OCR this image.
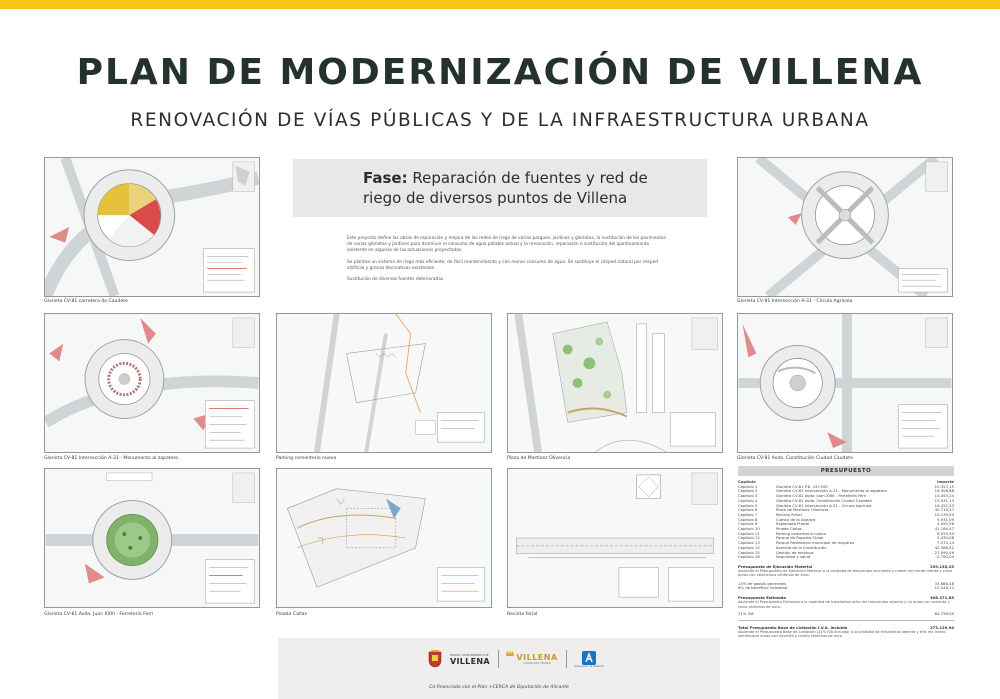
PLAN DE MODERNIZACIÓN DE VILLENA
RENOVACIÓN DE VÍAS PÚBLICAS Y DE LA INFRAESTRUCTURA URBANA
Glorieta CV-81 carretera de Caudete	Glorieta CV-81 Intersección A-31 - Círculo Agrícola
Glorieta CV-81 Intersección A-31 - Monumento al zapatero	Parking cementerio nuevo	Plaza de Martínez Olivencia	Glorieta CV-81 Avda. Constitución Ciudad Caudete
Glorieta CV-81 Avda. Juan XXIII - Ferretería Ferri	Pinada Cañas	Recinto ferial
Fase: Reparación de fuentes y red de
riego de diversos puntos de Villena

Este proyecto define las obras de reparación y mejora de las redes de riego de varios parques, jardines y glorietas, la sustitución de los pavimentos de varias glorietas y jardines para disminuir el consumo de agua potable actual y la renovación, reparación o sustitución del ajardinamiento existente en algunas de las actuaciones proyectadas.

Se plantea un sistema de riego más eficiente, de fácil mantenimiento y con menor consumo de agua. Se sustituye el césped natural por césped artificial y gravas decorativas existentes.

Sustitución de diversas fuentes deterioradas.

PRESUPUESTO
Capítulo	Importe
Capítulo 1	Glorieta CV-81 P.K. 43+200	10.323,15
Capítulo 2	Glorieta CV-81 Intersección A-31 - Monumento al zapatero	16.306,88
Capítulo 3	Glorieta CV-81 Avda. Juan XXIII - Ferretería Ferri	13.453,24
Capítulo 4	Glorieta CV-81 Avda. Constitución Ciudad Caudete	13.031,13
Capítulo 5	Glorieta CV-81 Intersección A-31 - Círculo Agrícola	16.422,53
Capítulo 6	Plaza de Martínez Olivencia	40.710,47
Capítulo 7	Recinto Ferial	19.239,54
Capítulo 8	Cuesta de la Atalaya	9.931,09
Capítulo 9	Explanada Puntal	4.050,56
Capítulo 10	Pinada Cañas	41.164,47
Capítulo 11	Parking cementerio nuevo	6.025,95
Capítulo 12	Parque de Ruperto Chapí	2.430,08
Capítulo 13	Parque Residencia municipal de mayores	7.274,14
Capítulo 14	Avenida de la Constitución	42.368,42
Capítulo 15	Gestión de residuos	27.090,59
Capítulo 16	Seguridad y salud	2.790,00
Presupuesto de Ejecución Material	259.135,25
Asciende el Presupuesto de Ejecución Material a la cantidad de doscientos cincuenta y nueve mil ciento treinta y cinco euros con veinticinco céntimos de euro.
13% de gastos generales	33.688,48
6% de beneficio industrial	15.548,12
Presupuesto Estimado	308.371,85
Asciende el Presupuesto Estimado a la cantidad de trescientos ocho mil trescientos setenta y un euros con ochenta y cinco céntimos de euro.
21% IVA	64.758,09
Total Presupuesto Base de Licitación I.V.A. incluido	373.129,94
Asciende el Presupuesto Base de Licitación (21% IVA incluido) a la cantidad de trescientos setenta y tres mil ciento veintinueve euros con noventa y cuatro céntimos de euro.
EXCMO. AYUNTAMIENTO DE
VILLENA	VILLENA
CIUDAD DEL TESORO
Diputación de Alicante
Co-financiado con el Plan +CERCA de Diputación de Alicante
